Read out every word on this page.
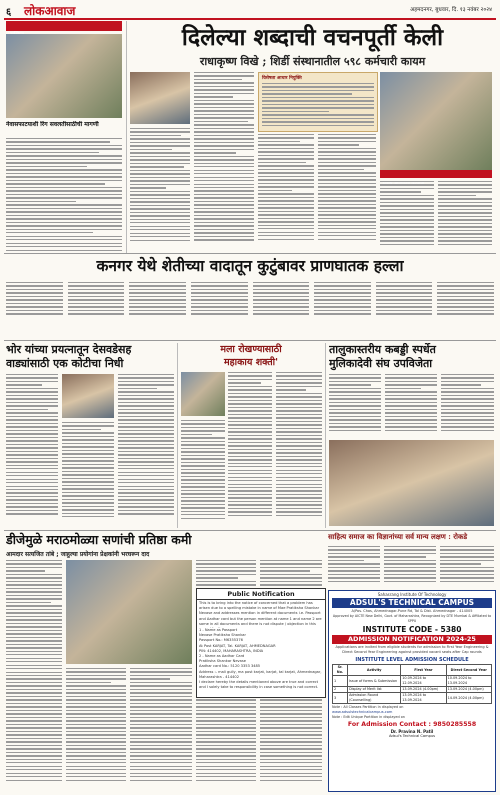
६ लोकआवाज	अहमदनगर, बुधवार, दि. १३ नवंबर २०२४
नेवासफाटयाशी रिंग सवलतीसाठीची मागणी
दिलेल्या शब्दाची वचनपूर्ती केली
राधाकृष्ण विखे ; शिर्डी संस्थानातील ५९८ कर्मचारी कायम
विशेषता आधार नियुक्ति
कनगर येथे शेतीच्या वादातून कुटुंबावर प्राणघातक हल्ला
भोर यांच्या प्रयत्नातून देसवडेसह
वाड्यांसाठी एक कोटीचा निधी
मला रोखण्यासाठी
महाकाय शक्ती'
तालुकास्तरीय कबड्डी स्पर्धेत
मुलिकादेवी संघ उपविजेता
डीजेमुळे मराठमोळ्या सणांची प्रतिष्ठा कमी
आमदार सत्यजित तांबे ; जाहुल्या प्रयोगांना प्रेक्षकांनी भरघरून दाद
साहित्य समाज का विज्ञानांच्या सर्व मान्य लक्षण : रोकडे
Public Notification
This is to bring into the notice of concerned that a problem has arisen due to a spelling mistake in name of Mae Pratiksha Shankar Nevase and addresses mention in different documents i.e. Passport and Aadhar card but the person mention at name 1 and name 2 are same in all documents and there is not dispute / objection in this
1 - Name as Passport
Nevase Pratiksha Shankar
Passport No.: M6355376
At Post KARJAT, Tal. KARJAT, AHMEDNAGAR
PIN: 414402, MAHARASHTRA, INDIA
2 - Name as Aadhar Card
Pratiksha Shankar Nevase
Aadhar card No.: 5120 3353 3485
Address :- mali gully, ma post karjat, karjat, tal karjat, Ahmednagar, Maharashtra - 414402
I declare hereby the details mentioned above are true and correct and I solely take to responsibility in case something is not correct.
Sahasrang Institute Of Technology
ADSUL'S TECHNICAL CAMPUS
A/Pos. Chas, Ahmednagar-Pune Rd, Tal & Dist. Ahmednagar - 414005
Approved by AICTE New Delhi, Govt. of Maharashtra, Recognized by DTE Mumbai & Affiliated to SPPU
INSTITUTE CODE - 5380
ADMISSION NOTIFICATION 2024-25
Applications are invited from eligible students for admission to First Year Engineering & Direct Second Year Engineering against provided vacant seats after Cap rounds
INSTITUTE LEVEL ADMISSION SCHEDULE
Sr. No.	Activity	First Year	Direct Second Year
1	Issue of forms & Submission	10.09.2024 to 12.09.2024	10.09.2024 to 13.09.2024
2	Display of Merit list	13.09.2024 (4.00pm)	13.09.2024 (4.00pm)
3	Admission Round (Counselling)	13.09.2024 to 13.09.2024	14.09.2024 (4.00pm)
Note : All Classes Partition in displayed on
www.adsulstechnicalcampus.com
Note : Edit Unique Partition in displayed on
For Admission Contact : 9850285558
Dr. Pravina N. Patil
Adsul's Technical Campus
